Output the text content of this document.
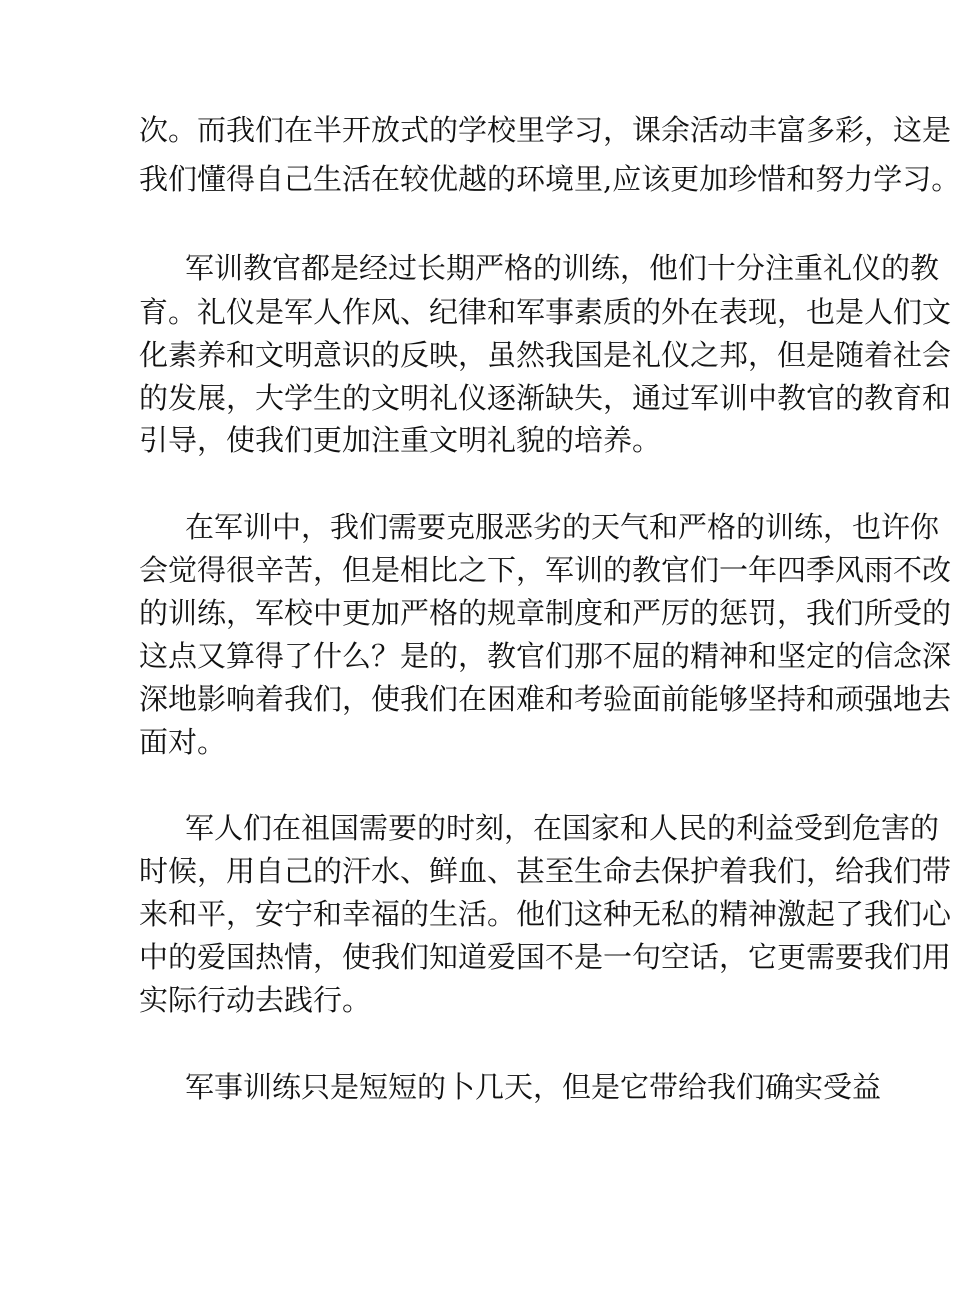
次。而我们在半开放式的学校里学习，课余活动丰富多彩，这是
我们懂得自己生活在较优越的环境里,应该更加珍惜和努力学习。
军训教官都是经过长期严格的训练，他们十分注重礼仪的教
育。礼仪是军人作风、纪律和军事素质的外在表现，也是人们文
化素养和文明意识的反映，虽然我国是礼仪之邦，但是随着社会
的发展，大学生的文明礼仪逐渐缺失，通过军训中教官的教育和
引导，使我们更加注重文明礼貌的培养。
在军训中，我们需要克服恶劣的天气和严格的训练，也许你
会觉得很辛苦，但是相比之下，军训的教官们一年四季风雨不改
的训练，军校中更加严格的规章制度和严厉的惩罚，我们所受的
这点又算得了什么？是的，教官们那不屈的精神和坚定的信念深
深地影响着我们，使我们在困难和考验面前能够坚持和顽强地去
面对。
军人们在祖国需要的时刻，在国家和人民的利益受到危害的
时候，用自己的汗水、鲜血、甚至生命去保护着我们，给我们带
来和平，安宁和幸福的生活。他们这种无私的精神激起了我们心
中的爱国热情，使我们知道爱国不是一句空话，它更需要我们用
实际行动去践行。
军事训练只是短短的卜几天，但是它带给我们确实受益
